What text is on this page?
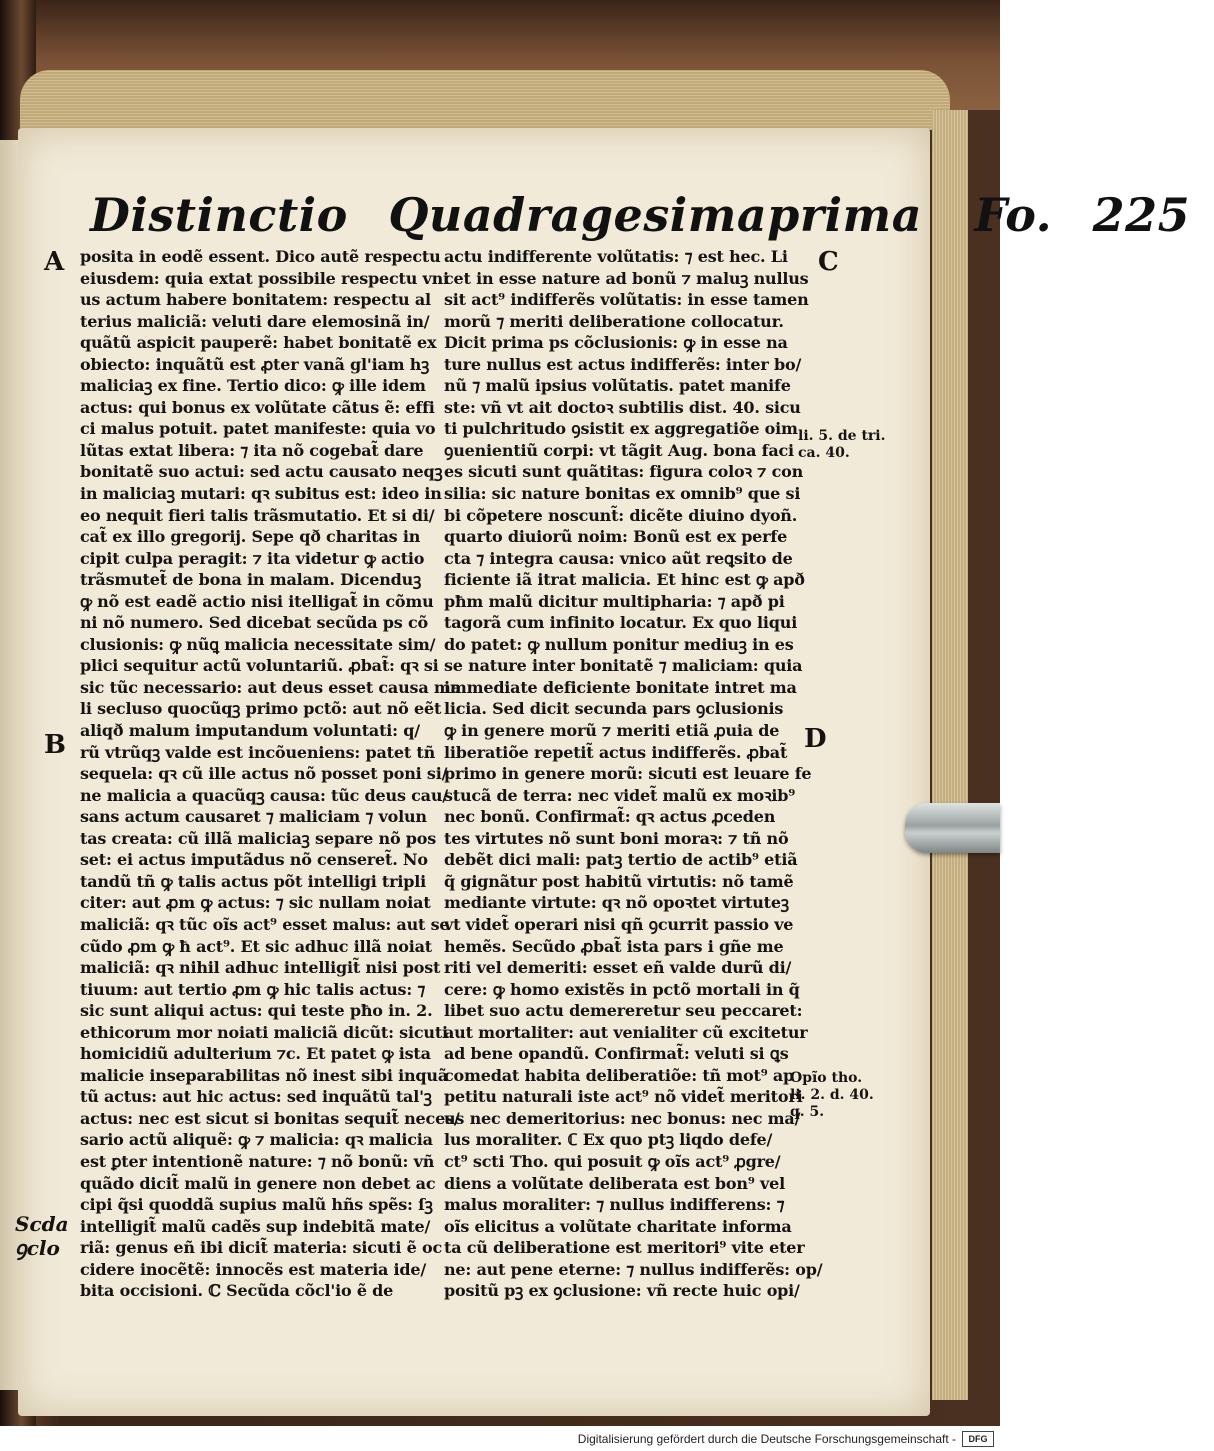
Distinctio Quadragesimaprima Fo. 225
A
B
C
D
posita in eodẽ essent. Dico autẽ respectu
eiusdem: quia extat possibile respectu vni
us actum habere bonitatem: respectu al
terius maliciã: veluti dare elemosinã in/
quãtũ aspicit pauperẽ: habet bonitatẽ ex
obiecto: inquãtũ est ꝓter vanã gl'iam hꝫ
maliciaꝫ ex fine. Tertio dico: ꝙ ille idem
actus: qui bonus ex volũtate cãtus ẽ: effi
ci malus potuit. patet manifeste: quia vo
lũtas extat libera: ⁊ ita nõ cogebat̃ dare
bonitatẽ suo actui: sed actu causato neqꝫ
in maliciaꝫ mutari: qꝛ subitus est: ideo in
eo nequit fieri talis trãsmutatio. Et si di/
cat̃ ex illo gregorij. Sepe qð charitas in
cipit culpa peragit: ⁊ ita videtur ꝙ actio
trãsmutet̃ de bona in malam. Dicenduꝫ
ꝙ nõ est eadẽ actio nisi itelligat̃ in cõmu
ni nõ numero. Sed dicebat secũda ps cõ
clusionis: ꝙ nũꝗ malicia necessitate sim/
plici sequitur actũ voluntariũ. ꝓbat̃: qꝛ si
sic tũc necessario: aut deus esset causa ma
li secluso quocũqꝫ primo pctõ: aut nõ eẽt
aliqð malum imputandum voluntati: q/
rũ vtrũqꝫ valde est incõueniens: patet tñ
sequela: qꝛ cũ ille actus nõ posset poni si/
ne malicia a quacũqꝫ causa: tũc deus cau/
sans actum causaret ⁊ maliciam ⁊ volun
tas creata: cũ illã maliciaꝫ separe nõ pos
set: ei actus imputãdus nõ censeret̃. No
tandũ tñ ꝙ talis actus põt intelligi tripli
citer: aut ꝓm ꝙ actus: ⁊ sic nullam noiat
maliciã: qꝛ tũc oĩs act⁹ esset malus: aut se
cũdo ꝓm ꝙ ħ act⁹. Et sic adhuc illã noiat
maliciã: qꝛ nihil adhuc intelligit̃ nisi post
tiuum: aut tertio ꝓm ꝙ hic talis actus: ⁊
sic sunt aliqui actus: qui teste pħo in. 2.
ethicorum mor noiati maliciã dicũt: sicuti
homicidiũ adulterium ⁊c. Et patet ꝙ ista
malicie inseparabilitas nõ inest sibi inquã
tũ actus: aut hic actus: sed inquãtũ tal'ꝫ
actus: nec est sicut si bonitas sequit̃ neces/
sario actũ aliquẽ: ꝙ ⁊ malicia: qꝛ malicia
est ꝑter intentionẽ nature: ⁊ nõ bonũ: vñ
quãdo dicit̃ malũ in genere non debet ac
cipi q̃si quoddã supius malũ hñs spẽs: ſꝫ
intelligit̃ malũ cadẽs sup indebitã mate/
riã: genus eñ ibi dicit̃ materia: sicuti ẽ oc
cidere inocẽtẽ: innocẽs est materia ide/
bita occisioni. ℂ Secũda cõcl'io ẽ de
actu indifferente volũtatis: ⁊ est hec. Li
cet in esse nature ad bonũ ⁊ maluꝫ nullus
sit act⁹ indifferẽs volũtatis: in esse tamen
morũ ⁊ meriti deliberatione collocatur.
Dicit prima ps cõclusionis: ꝙ in esse na
ture nullus est actus indifferẽs: inter bo/
nũ ⁊ malũ ipsius volũtatis. patet manife
ste: vñ vt ait doctoꝛ subtilis dist. 40. sicu
ti pulchritudo ꝯsistit ex aggregatiõe oim
ꝯuenientiũ corpi: vt tãgit Aug. bona faci
es sicuti sunt quãtitas: figura coloꝛ ⁊ con
silia: sic nature bonitas ex omnib⁹ que si
bi cõpetere noscunt̃: dicẽte diuino dyoñ.
quarto diuiorũ noim: Bonũ est ex perfe
cta ⁊ integra causa: vnico aũt reꝗsito de
ficiente iã itrat malicia. Et hinc est ꝙ apð
pħm malũ dicitur multipharia: ⁊ apð pi
tagorã cum infinito locatur. Ex quo liqui
do patet: ꝙ nullum ponitur mediuꝫ in es
se nature inter bonitatẽ ⁊ maliciam: quia
immediate deficiente bonitate intret ma
licia. Sed dicit secunda pars ꝯclusionis
ꝙ in genere morũ ⁊ meriti etiã ꝓuia de
liberatiõe repetit̃ actus indifferẽs. ꝓbat̃
primo in genere morũ: sicuti est leuare fe
stucã de terra: nec videt̃ malũ ex moꝛib⁹
nec bonũ. Confirmat̃: qꝛ actus ꝓceden
tes virtutes nõ sunt boni moraꝛ: ⁊ tñ nõ
debẽt dici mali: patꝫ tertio de actib⁹ etiã
q̃ gignãtur post habitũ virtutis: nõ tamẽ
mediante virtute: qꝛ nõ opoꝛtet virtuteꝫ
vt videt̃ operari nisi qñ ꝯcurrit passio ve
hemẽs. Secũdo ꝓbat̃ ista pars i gñe me
riti vel demeriti: esset eñ valde durũ di/
cere: ꝙ homo existẽs in pctõ mortali in q̃
libet suo actu demereretur seu peccaret:
aut mortaliter: aut venialiter cũ excitetur
ad bene opandũ. Confirmat̃: veluti si ꝗs
comedat habita deliberatiõe: tñ mot⁹ ap
petitu naturali iste act⁹ nõ videt̃ meritori
us nec demeritorius: nec bonus: nec ma/
lus moraliter. ℂ Ex quo ptꝫ liqdo defe/
ct⁹ scti Tho. qui posuit ꝙ oĩs act⁹ ꝓgre/
diens a volũtate deliberata est bon⁹ vel
malus moraliter: ⁊ nullus indifferens: ⁊
oĩs elicitus a volũtate charitate informa
ta cũ deliberatione est meritori⁹ vite eter
ne: aut pene eterne: ⁊ nullus indifferẽs: op/
positũ pꝫ ex ꝯclusione: vñ recte huic opi/
li. 5. de tri.
ca. 40.
Opĩo tho.
li. 2. d. 40.
q. 5.
Scda
ꝯclo
Digitalisierung gefördert durch die Deutsche Forschungsgemeinschaft -	DFG
